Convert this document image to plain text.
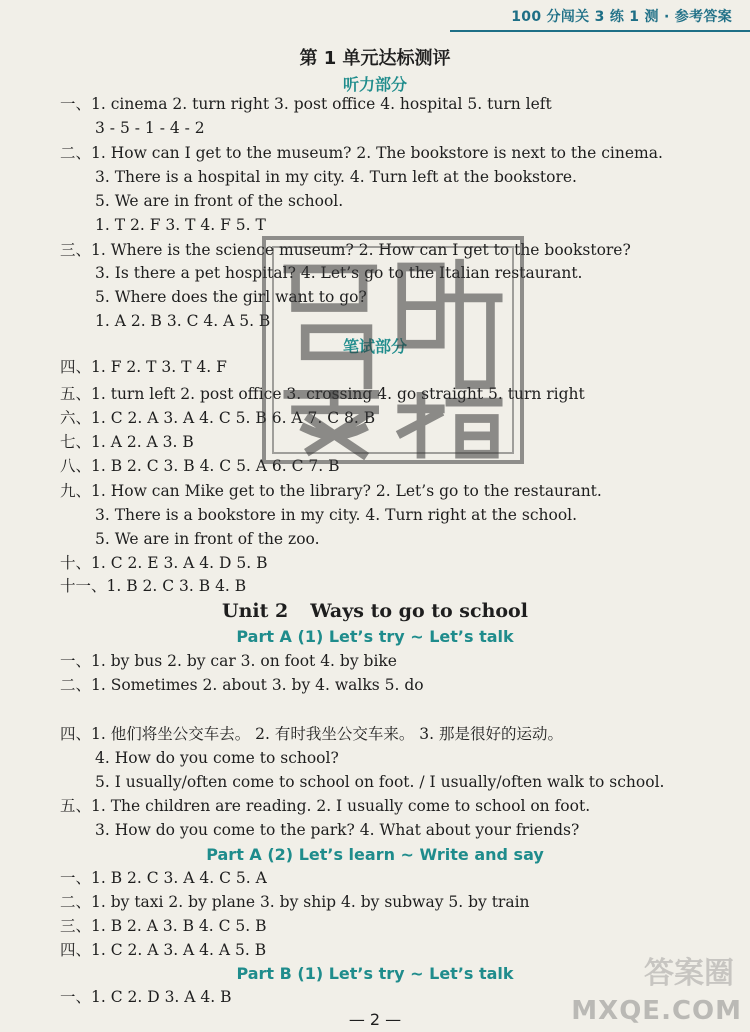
100 分闯关 3 练 1 测 · 参考答案
第 1 单元达标测评
听力部分
一、1. cinema 2. turn right 3. post office 4. hospital 5. turn left
3 - 5 - 1 - 4 - 2
二、1. How can I get to the museum? 2. The bookstore is next to the cinema.
3. There is a hospital in my city. 4. Turn left at the bookstore.
5. We are in front of the school.
1. T 2. F 3. T 4. F 5. T
三、1. Where is the science museum? 2. How can I get to the bookstore?
3. Is there a pet hospital? 4. Let’s go to the Italian restaurant.
5. Where does the girl want to go?
1. A 2. B 3. C 4. A 5. B
笔试部分
四、1. F 2. T 3. T 4. F
五、1. turn left 2. post office 3. crossing 4. go straight 5. turn right
六、1. C 2. A 3. A 4. C 5. B 6. A 7. C 8. B
七、1. A 2. A 3. B
八、1. B 2. C 3. B 4. C 5. A 6. C 7. B
九、1. How can Mike get to the library? 2. Let’s go to the restaurant.
3. There is a bookstore in my city. 4. Turn right at the school.
5. We are in front of the zoo.
十、1. C 2. E 3. A 4. D 5. B
十一、1. B 2. C 3. B 4. B
Unit 2 Ways to go to school
Part A (1) Let’s try ~ Let’s talk
一、1. by bus 2. by car 3. on foot 4. by bike
二、1. Sometimes 2. about 3. by 4. walks 5. do
四、1. 他们将坐公交车去。 2. 有时我坐公交车来。 3. 那是很好的运动。
4. How do you come to school?
5. I usually/often come to school on foot. / I usually/often walk to school.
五、1. The children are reading. 2. I usually come to school on foot.
3. How do you come to the park? 4. What about your friends?
Part A (2) Let’s learn ~ Write and say
一、1. B 2. C 3. A 4. C 5. A
二、1. by taxi 2. by plane 3. by ship 4. by subway 5. by train
三、1. B 2. A 3. B 4. C 5. B
四、1. C 2. A 3. A 4. A 5. B
Part B (1) Let’s try ~ Let’s talk
一、1. C 2. D 3. A 4. B
— 2 —
答案圈
MXQE.COM
